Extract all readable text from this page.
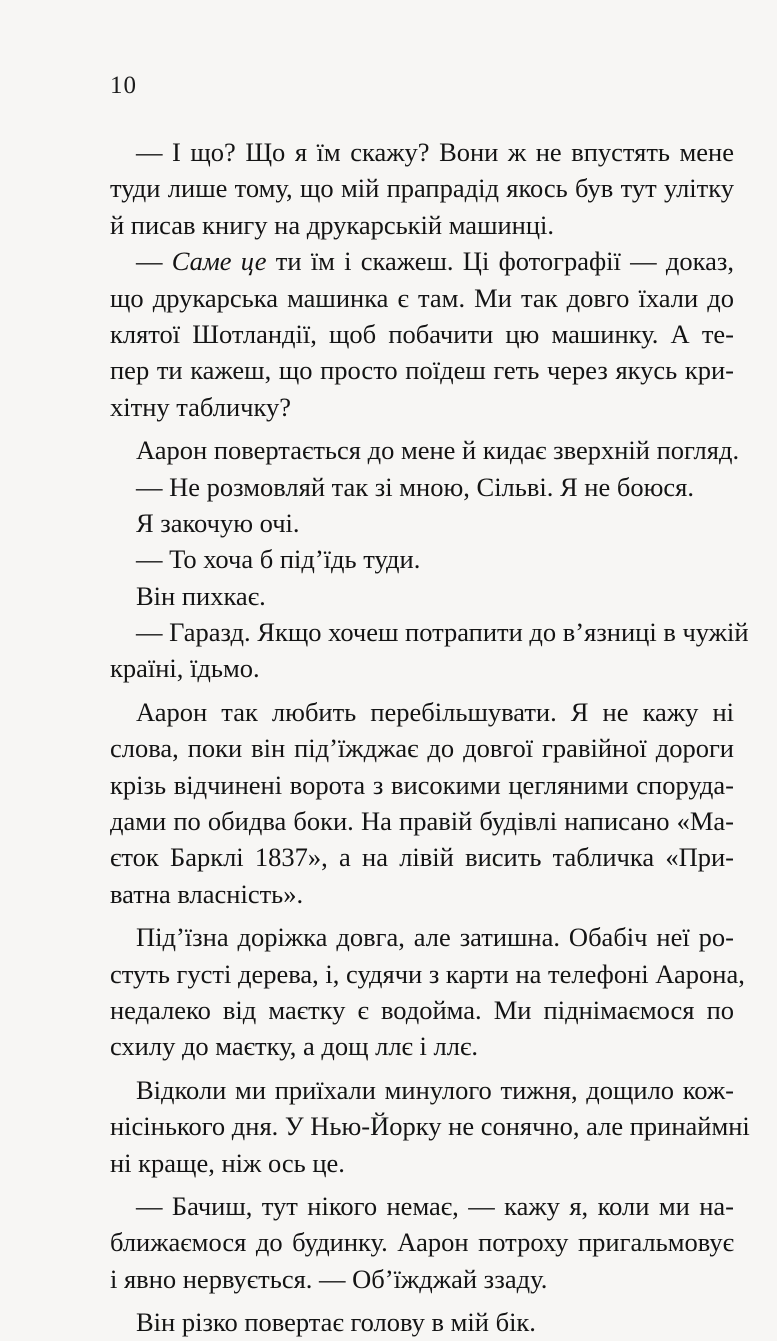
10
— І що? Що я їм скажу? Вони ж не впустять мене
туди лише тому, що мій прапрадід якось був тут улітку
й писав книгу на друкарській машинці.
— Саме це ти їм і скажеш. Ці фотографії — доказ,
що друкарська машинка є там. Ми так довго їхали до
клятої Шотландії, щоб побачити цю машинку. А те-
пер ти кажеш, що просто поїдеш геть через якусь кри-
хітну табличку?
Аарон повертається до мене й кидає зверхній погляд.
— Не розмовляй так зі мною, Сільві. Я не боюся.
Я закочую очі.
— То хоча б підʼїдь туди.
Він пихкає.
— Гаразд. Якщо хочеш потрапити до вʼязниці в чужій
країні, їдьмо.
Аарон так любить перебільшувати. Я не кажу ні
слова, поки він підʼїжджає до довгої гравійної дороги
крізь відчинені ворота з високими цегляними споруда-
дами по обидва боки. На правій будівлі написано «Ма-
єток Барклі 1837», а на лівій висить табличка «При-
ватна власність».
Підʼїзна доріжка довга, але затишна. Обабіч неї ро-
стуть густі дерева, і, судячи з карти на телефоні Аарона,
недалеко від маєтку є водойма. Ми піднімаємося по
схилу до маєтку, а дощ ллє і ллє.
Відколи ми приїхали минулого тижня, дощило кож-
нісінького дня. У Нью-Йорку не сонячно, але принаймні
ні краще, ніж ось це.
— Бачиш, тут нікого немає, — кажу я, коли ми на-
ближаємося до будинку. Аарон потроху пригальмовує
і явно нервується. — Обʼїжджай ззаду.
Він різко повертає голову в мій бік.
